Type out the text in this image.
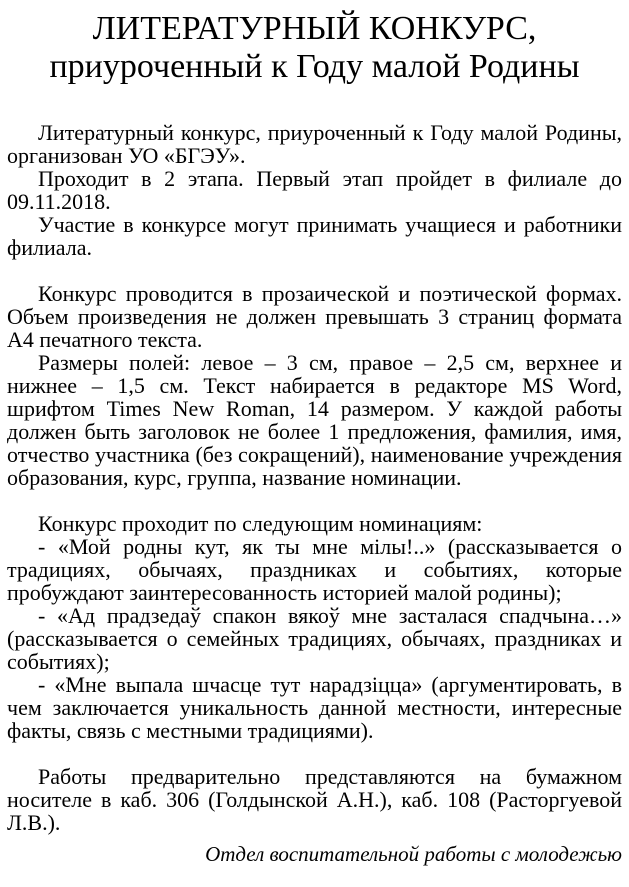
ЛИТЕРАТУРНЫЙ КОНКУРС, приуроченный к Году малой Родины

Литературный конкурс, приуроченный к Году малой Родины, организован УО «БГЭУ».

Проходит в 2 этапа. Первый этап пройдет в филиале до 09.11.2018.

Участие в конкурсе могут принимать учащиеся и работники филиала.

Конкурс проводится в прозаической и поэтической формах. Объем произведения не должен превышать 3 страниц формата А4 печатного текста.

Размеры полей: левое – 3 см, правое – 2,5 см, верхнее и нижнее – 1,5 см. Текст набирается в редакторе MS Word, шрифтом Times New Roman, 14 размером. У каждой работы должен быть заголовок не более 1 предложения, фамилия, имя, отчество участника (без сокращений), наименование учреждения образования, курс, группа, название номинации.

Конкурс проходит по следующим номинациям:

- «Мой родны кут, як ты мне мілы!..» (рассказывается о традициях, обычаях, праздниках и событиях, которые пробуждают заинтересованность историей малой родины);

- «Ад прадзедаў спакон вякоў мне засталася спадчына…» (рассказывается о семейных традициях, обычаях, праздниках и событиях);

- «Мне выпала шчасце тут нарадзіцца» (аргументировать, в чем заключается уникальность данной местности, интересные факты, связь с местными традициями).

Работы предварительно представляются на бумажном носителе в каб. 306 (Голдынской А.Н.), каб. 108 (Расторгуевой Л.В.).

Отдел воспитательной работы с молодежью
